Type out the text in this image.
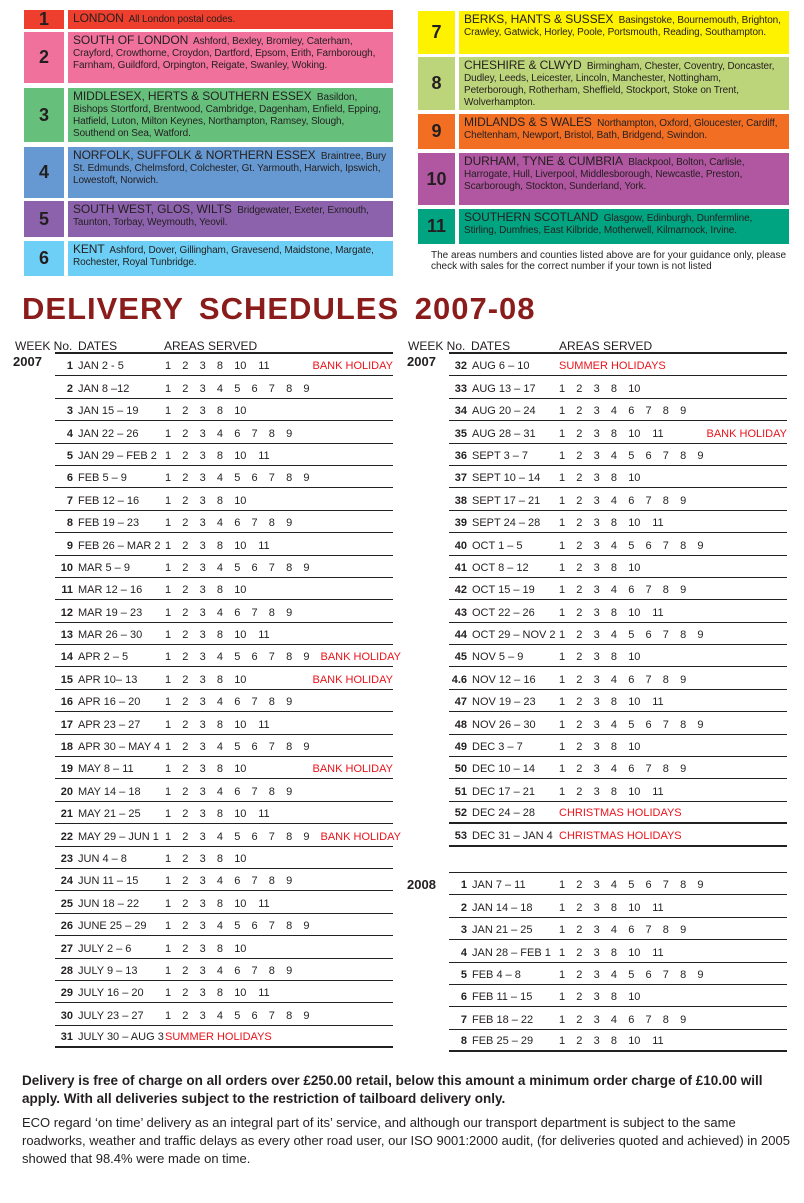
1	LONDON All London postal codes.
2
SOUTH OF LONDON Ashford, Bexley, Bromley, Caterham, Crayford, Crowthorne, Croydon, Dartford, Epsom, Erith, Farnborough, Farnham, Guildford, Orpington, Reigate, Swanley, Woking.
3
MIDDLESEX, HERTS & SOUTHERN ESSEX Basildon, Bishops Stortford, Brentwood, Cambridge, Dagenham, Enfield, Epping, Hatfield, Luton, Milton Keynes, Northampton, Ramsey, Slough, Southend on Sea, Watford.
4
NORFOLK, SUFFOLK & NORTHERN ESSEX Braintree, Bury St. Edmunds, Chelmsford, Colchester, Gt. Yarmouth, Harwich, Ipswich, Lowestoft, Norwich.
5	SOUTH WEST, GLOS, WILTS Bridgewater, Exeter, Exmouth, Taunton, Torbay, Weymouth, Yeovil.
6	KENT Ashford, Dover, Gillingham, Gravesend, Maidstone, Margate, Rochester, Royal Tunbridge.
7
BERKS, HANTS & SUSSEX Basingstoke, Bournemouth, Brighton, Crawley, Gatwick, Horley, Poole, Portsmouth, Reading, Southampton.
8
CHESHIRE & CLWYD Birmingham, Chester, Coventry, Doncaster, Dudley, Leeds, Leicester, Lincoln, Manchester, Nottingham, Peterborough, Rotherham, Sheffield, Stockport, Stoke on Trent, Wolverhampton.
9	MIDLANDS & S WALES Northampton, Oxford, Gloucester, Cardiff, Cheltenham, Newport, Bristol, Bath, Bridgend, Swindon.
10
DURHAM, TYNE & CUMBRIA Blackpool, Bolton, Carlisle, Harrogate, Hull, Liverpool, Middlesborough, Newcastle, Preston, Scarborough, Stockton, Sunderland, York.
11	SOUTHERN SCOTLAND Glasgow, Edinburgh, Dunfermline, Stirling, Dumfries, East Kilbride, Motherwell, Kilmarnock, Irvine.
The areas numbers and counties listed above are for your guidance only, please check with sales for the correct number if your town is not listed
DELIVERY SCHEDULES 2007-08
WEEK No. DATES	AREAS SERVED	WEEK No. DATES	AREAS SERVED
2007	2007
2008
1 JAN 2 - 5	1	2	3	8	10	11	BANK HOLIDAY
2 JAN 8 –12	1	2	3	4	5	6	7	8	9
3 JAN 15 – 19	1	2	3	8	10
4 JAN 22 – 26	1	2	3	4	6	7	8	9
5 JAN 29 – FEB 2 1	2	3	8	10	11
6 FEB 5 – 9	1	2	3	4	5	6	7	8	9
7 FEB 12 – 16	1	2	3	8	10
8 FEB 19 – 23	1	2	3	4	6	7	8	9
9 FEB 26 – MAR 2 1	2	3	8	10	11
10 MAR 5 – 9	1	2	3	4	5	6	7	8	9
11 MAR 12 – 16	1	2	3	8	10
12 MAR 19 – 23	1	2	3	4	6	7	8	9
13 MAR 26 – 30	1	2	3	8	10	11
14 APR 2 – 5	1	2	3	4	5	6	7	8	9	BANK HOLIDAY
15 APR 10– 13	1	2	3	8	10	BANK HOLIDAY
16 APR 16 – 20	1	2	3	4	6	7	8	9
17 APR 23 – 27	1	2	3	8	10	11
18 APR 30 – MAY 4 1	2	3	4	5	6	7	8	9
19 MAY 8 – 11	1	2	3	8	10	BANK HOLIDAY
20 MAY 14 – 18	1	2	3	4	6	7	8	9
21 MAY 21 – 25	1	2	3	8	10	11
22 MAY 29 – JUN 1 1	2	3	4	5	6	7	8	9	BANK HOLIDAY
23 JUN 4 – 8	1	2	3	8	10
24 JUN 11 – 15	1	2	3	4	6	7	8	9
25 JUN 18 – 22	1	2	3	8	10	11
26 JUNE 25 – 29	1	2	3	4	5	6	7	8	9
27 JULY 2 – 6	1	2	3	8	10
28 JULY 9 – 13	1	2	3	4	6	7	8	9
29 JULY 16 – 20	1	2	3	8	10	11
30 JULY 23 – 27	1	2	3	4	5	6	7	8	9
31 JULY 30 – AUG 3 SUMMER HOLIDAYS
32 AUG 6 – 10	SUMMER HOLIDAYS
33 AUG 13 – 17	1	2	3	8	10
34 AUG 20 – 24	1	2	3	4	6	7	8	9
35 AUG 28 – 31	1	2	3	8	10	11	BANK HOLIDAY
36 SEPT 3 – 7	1	2	3	4	5	6	7	8	9
37 SEPT 10 – 14	1	2	3	8	10
38 SEPT 17 – 21	1	2	3	4	6	7	8	9
39 SEPT 24 – 28	1	2	3	8	10	11
40 OCT 1 – 5	1	2	3	4	5	6	7	8	9
41 OCT 8 – 12	1	2	3	8	10
42 OCT 15 – 19	1	2	3	4	6	7	8	9
43 OCT 22 – 26	1	2	3	8	10	11
44 OCT 29 – NOV 2 1	2	3	4	5	6	7	8	9
45 NOV 5 – 9	1	2	3	8	10
4.6 NOV 12 – 16	1	2	3	4	6	7	8	9
47 NOV 19 – 23	1	2	3	8	10	11
48 NOV 26 – 30	1	2	3	4	5	6	7	8	9
49 DEC 3 – 7	1	2	3	8	10
50 DEC 10 – 14	1	2	3	4	6	7	8	9
51 DEC 17 – 21	1	2	3	8	10	11
52 DEC 24 – 28	CHRISTMAS HOLIDAYS
53 DEC 31 – JAN 4 CHRISTMAS HOLIDAYS
1 JAN 7 – 11	1	2	3	4	5	6	7	8	9
2 JAN 14 – 18	1	2	3	8	10	11
3 JAN 21 – 25	1	2	3	4	6	7	8	9
4 JAN 28 – FEB 1 1	2	3	8	10	11
5 FEB 4 – 8	1	2	3	4	5	6	7	8	9
6 FEB 11 – 15	1	2	3	8	10
7 FEB 18 – 22	1	2	3	4	6	7	8	9
8 FEB 25 – 29	1	2	3	8	10	11
Delivery is free of charge on all orders over £250.00 retail, below this amount a minimum order charge of £10.00 will apply. With all deliveries subject to the restriction of tailboard delivery only.
ECO regard ‘on time’ delivery as an integral part of its’ service, and although our transport department is subject to the same roadworks, weather and traffic delays as every other road user, our ISO 9001:2000 audit, (for deliveries quoted and achieved) in 2005 showed that 98.4% were made on time.
